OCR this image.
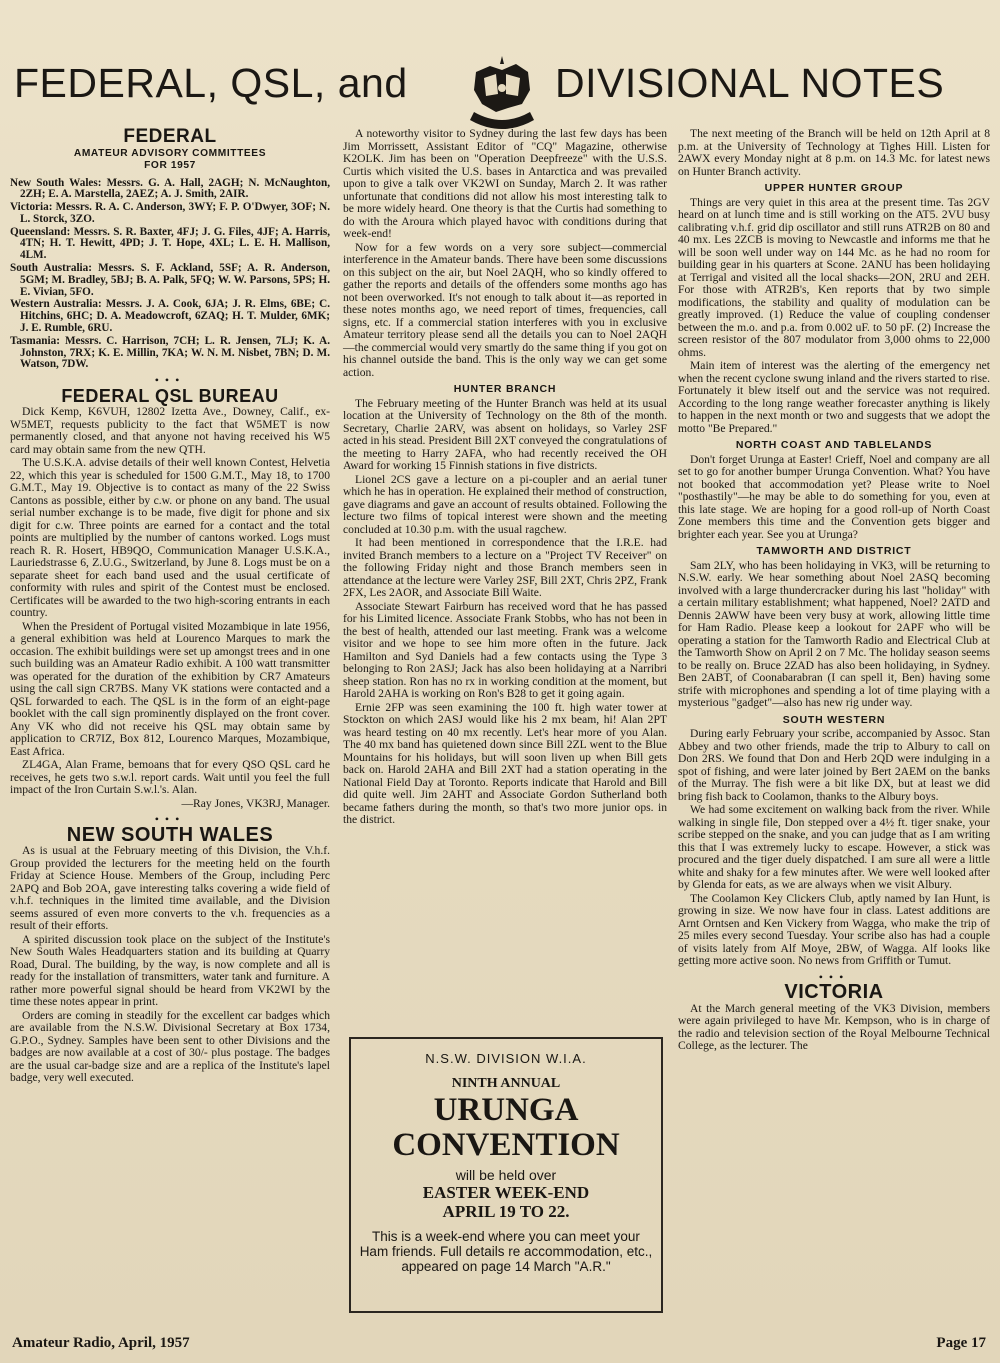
FEDERAL, QSL, and	DIVISIONAL NOTES
FEDERAL
AMATEUR ADVISORY COMMITTEES
FOR 1957

New South Wales: Messrs. G. A. Hall, 2AGH; N. McNaughton, 2ZH; E. A. Marstella, 2AEZ; A. J. Smith, 2AIR.

Victoria: Messrs. R. A. C. Anderson, 3WY; F. P. O'Dwyer, 3OF; N. L. Storck, 3ZO.

Queensland: Messrs. S. R. Baxter, 4FJ; J. G. Files, 4JF; A. Harris, 4TN; H. T. Hewitt, 4PD; J. T. Hope, 4XL; L. E. H. Mallison, 4LM.

South Australia: Messrs. S. F. Ackland, 5SF; A. R. Anderson, 5GM; M. Bradley, 5BJ; B. A. Palk, 5FQ; W. W. Parsons, 5PS; H. E. Vivian, 5FO.

Western Australia: Messrs. J. A. Cook, 6JA; J. R. Elms, 6BE; C. Hitchins, 6HC; D. A. Meadowcroft, 6ZAQ; H. T. Mulder, 6MK; J. E. Rumble, 6RU.

Tasmania: Messrs. C. Harrison, 7CH; L. R. Jensen, 7LJ; K. A. Johnston, 7RX; K. E. Millin, 7KA; W. N. M. Nisbet, 7BN; D. M. Watson, 7DW.

•••
FEDERAL QSL BUREAU

Dick Kemp, K6VUH, 12802 Izetta Ave., Downey, Calif., ex-W5MET, requests publicity to the fact that W5MET is now permanently closed, and that anyone not having received his W5 card may obtain same from the new QTH.

The U.S.K.A. advise details of their well known Contest, Helvetia 22, which this year is scheduled for 1500 G.M.T., May 18, to 1700 G.M.T., May 19. Objective is to contact as many of the 22 Swiss Cantons as possible, either by c.w. or phone on any band. The usual serial number exchange is to be made, five digit for phone and six digit for c.w. Three points are earned for a contact and the total points are multiplied by the number of cantons worked. Logs must reach R. R. Hosert, HB9QO, Communication Manager U.S.K.A., Lauriedstrasse 6, Z.U.G., Switzerland, by June 8. Logs must be on a separate sheet for each band used and the usual certificate of conformity with rules and spirit of the Contest must be enclosed. Certificates will be awarded to the two high-scoring entrants in each country.

When the President of Portugal visited Mozambique in late 1956, a general exhibition was held at Lourenco Marques to mark the occasion. The exhibit buildings were set up amongst trees and in one such building was an Amateur Radio exhibit. A 100 watt transmitter was operated for the duration of the exhibition by CR7 Amateurs using the call sign CR7BS. Many VK stations were contacted and a QSL forwarded to each. The QSL is in the form of an eight-page booklet with the call sign prominently displayed on the front cover. Any VK who did not receive his QSL may obtain same by application to CR7IZ, Box 812, Lourenco Marques, Mozambique, East Africa.

ZL4GA, Alan Frame, bemoans that for every QSO QSL card he receives, he gets two s.w.l. report cards. Wait until you feel the full impact of the Iron Curtain S.w.l.'s. Alan.

—Ray Jones, VK3RJ, Manager.

•••
NEW SOUTH WALES

As is usual at the February meeting of this Division, the V.h.f. Group provided the lecturers for the meeting held on the fourth Friday at Science House. Members of the Group, including Perc 2APQ and Bob 2OA, gave interesting talks covering a wide field of v.h.f. techniques in the limited time available, and the Division seems assured of even more converts to the v.h. frequencies as a result of their efforts.

A spirited discussion took place on the subject of the Institute's New South Wales Headquarters station and its building at Quarry Road, Dural. The building, by the way, is now complete and all is ready for the installation of transmitters, water tank and furniture. A rather more powerful signal should be heard from VK2WI by the time these notes appear in print.

Orders are coming in steadily for the excellent car badges which are available from the N.S.W. Divisional Secretary at Box 1734, G.P.O., Sydney. Samples have been sent to other Divisions and the badges are now available at a cost of 30/- plus postage. The badges are the usual car-badge size and are a replica of the Institute's lapel badge, very well executed.

A noteworthy visitor to Sydney during the last few days has been Jim Morrissett, Assistant Editor of "CQ" Magazine, otherwise K2OLK. Jim has been on "Operation Deepfreeze" with the U.S.S. Curtis which visited the U.S. bases in Antarctica and was prevailed upon to give a talk over VK2WI on Sunday, March 2. It was rather unfortunate that conditions did not allow his most interesting talk to be more widely heard. One theory is that the Curtis had something to do with the Aroura which played havoc with conditions during that week-end!

Now for a few words on a very sore subject—commercial interference in the Amateur bands. There have been some discussions on this subject on the air, but Noel 2AQH, who so kindly offered to gather the reports and details of the offenders some months ago has not been overworked. It's not enough to talk about it—as reported in these notes months ago, we need report of times, frequencies, call signs, etc. If a commercial station interferes with you in exclusive Amateur territory please send all the details you can to Noel 2AQH—the commercial would very smartly do the same thing if you got on his channel outside the band. This is the only way we can get some action.

HUNTER BRANCH

The February meeting of the Hunter Branch was held at its usual location at the University of Technology on the 8th of the month. Secretary, Charlie 2ARV, was absent on holidays, so Varley 2SF acted in his stead. President Bill 2XT conveyed the congratulations of the meeting to Harry 2AFA, who had recently received the OH Award for working 15 Finnish stations in five districts.

Lionel 2CS gave a lecture on a pi-coupler and an aerial tuner which he has in operation. He explained their method of construction, gave diagrams and gave an account of results obtained. Following the lecture two films of topical interest were shown and the meeting concluded at 10.30 p.m. with the usual ragchew.

It had been mentioned in correspondence that the I.R.E. had invited Branch members to a lecture on a "Project TV Receiver" on the following Friday night and those Branch members seen in attendance at the lecture were Varley 2SF, Bill 2XT, Chris 2PZ, Frank 2FX, Les 2AOR, and Associate Bill Waite.

Associate Stewart Fairburn has received word that he has passed for his Limited licence. Associate Frank Stobbs, who has not been in the best of health, attended our last meeting. Frank was a welcome visitor and we hope to see him more often in the future. Jack Hamilton and Syd Daniels had a few contacts using the Type 3 belonging to Ron 2ASJ; Jack has also been holidaying at a Narribri sheep station. Ron has no rx in working condition at the moment, but Harold 2AHA is working on Ron's B28 to get it going again.

Ernie 2FP was seen examining the 100 ft. high water tower at Stockton on which 2ASJ would like his 2 mx beam, hi! Alan 2PT was heard testing on 40 mx recently. Let's hear more of you Alan. The 40 mx band has quietened down since Bill 2ZL went to the Blue Mountains for his holidays, but will soon liven up when Bill gets back on. Harold 2AHA and Bill 2XT had a station operating in the National Field Day at Toronto. Reports indicate that Harold and Bill did quite well. Jim 2AHT and Associate Gordon Sutherland both became fathers during the month, so that's two more junior ops. in the district.

N.S.W. DIVISION W.I.A.
NINTH ANNUAL
URUNGA
CONVENTION
will be held over
EASTER WEEK-END
APRIL 19 TO 22.
This is a week-end where you can meet your Ham friends. Full details re accommodation, etc., appeared on page 14 March "A.R."

The next meeting of the Branch will be held on 12th April at 8 p.m. at the University of Technology at Tighes Hill. Listen for 2AWX every Monday night at 8 p.m. on 14.3 Mc. for latest news on Hunter Branch activity.

UPPER HUNTER GROUP

Things are very quiet in this area at the present time. Tas 2GV heard on at lunch time and is still working on the AT5. 2VU busy calibrating v.h.f. grid dip oscillator and still runs ATR2B on 80 and 40 mx. Les 2ZCB is moving to Newcastle and informs me that he will be soon well under way on 144 Mc. as he had no room for building gear in his quarters at Scone. 2ANU has been holidaying at Terrigal and visited all the local shacks—2ON, 2RU and 2EH. For those with ATR2B's, Ken reports that by two simple modifications, the stability and quality of modulation can be greatly improved. (1) Reduce the value of coupling condenser between the m.o. and p.a. from 0.002 uF. to 50 pF. (2) Increase the screen resistor of the 807 modulator from 3,000 ohms to 22,000 ohms.

Main item of interest was the alerting of the emergency net when the recent cyclone swung inland and the rivers started to rise. Fortunately it blew itself out and the service was not required. According to the long range weather forecaster anything is likely to happen in the next month or two and suggests that we adopt the motto "Be Prepared."

NORTH COAST AND TABLELANDS

Don't forget Urunga at Easter! Crieff, Noel and company are all set to go for another bumper Urunga Convention. What? You have not booked that accommodation yet? Please write to Noel "posthastily"—he may be able to do something for you, even at this late stage. We are hoping for a good roll-up of North Coast Zone members this time and the Convention gets bigger and brighter each year. See you at Urunga?

TAMWORTH AND DISTRICT

Sam 2LY, who has been holidaying in VK3, will be returning to N.S.W. early. We hear something about Noel 2ASQ becoming involved with a large thundercracker during his last "holiday" with a certain military establishment; what happened, Noel? 2ATD and Dennis 2AWW have been very busy at work, allowing little time for Ham Radio. Please keep a lookout for 2APF who will be operating a station for the Tamworth Radio and Electrical Club at the Tamworth Show on April 2 on 7 Mc. The holiday season seems to be really on. Bruce 2ZAD has also been holidaying, in Sydney. Ben 2ABT, of Coonabarabran (I can spell it, Ben) having some strife with microphones and spending a lot of time playing with a mysterious "gadget"—also has new rig under way.

SOUTH WESTERN

During early February your scribe, accompanied by Assoc. Stan Abbey and two other friends, made the trip to Albury to call on Don 2RS. We found that Don and Herb 2QD were indulging in a spot of fishing, and were later joined by Bert 2AEM on the banks of the Murray. The fish were a bit like DX, but at least we did bring fish back to Coolamon, thanks to the Albury boys.

We had some excitement on walking back from the river. While walking in single file, Don stepped over a 4½ ft. tiger snake, your scribe stepped on the snake, and you can judge that as I am writing this that I was extremely lucky to escape. However, a stick was procured and the tiger duely dispatched. I am sure all were a little white and shaky for a few minutes after. We were well looked after by Glenda for eats, as we are always when we visit Albury.

The Coolamon Key Clickers Club, aptly named by Ian Hunt, is growing in size. We now have four in class. Latest additions are Arnt Orntsen and Ken Vickery from Wagga, who make the trip of 25 miles every second Tuesday. Your scribe also has had a couple of visits lately from Alf Moye, 2BW, of Wagga. Alf looks like getting more active soon. No news from Griffith or Tumut.

•••
VICTORIA

At the March general meeting of the VK3 Division, members were again privileged to have Mr. Kempson, who is in charge of the radio and television section of the Royal Melbourne Technical College, as the lecturer. The

Amateur Radio, April, 1957	Page 17
